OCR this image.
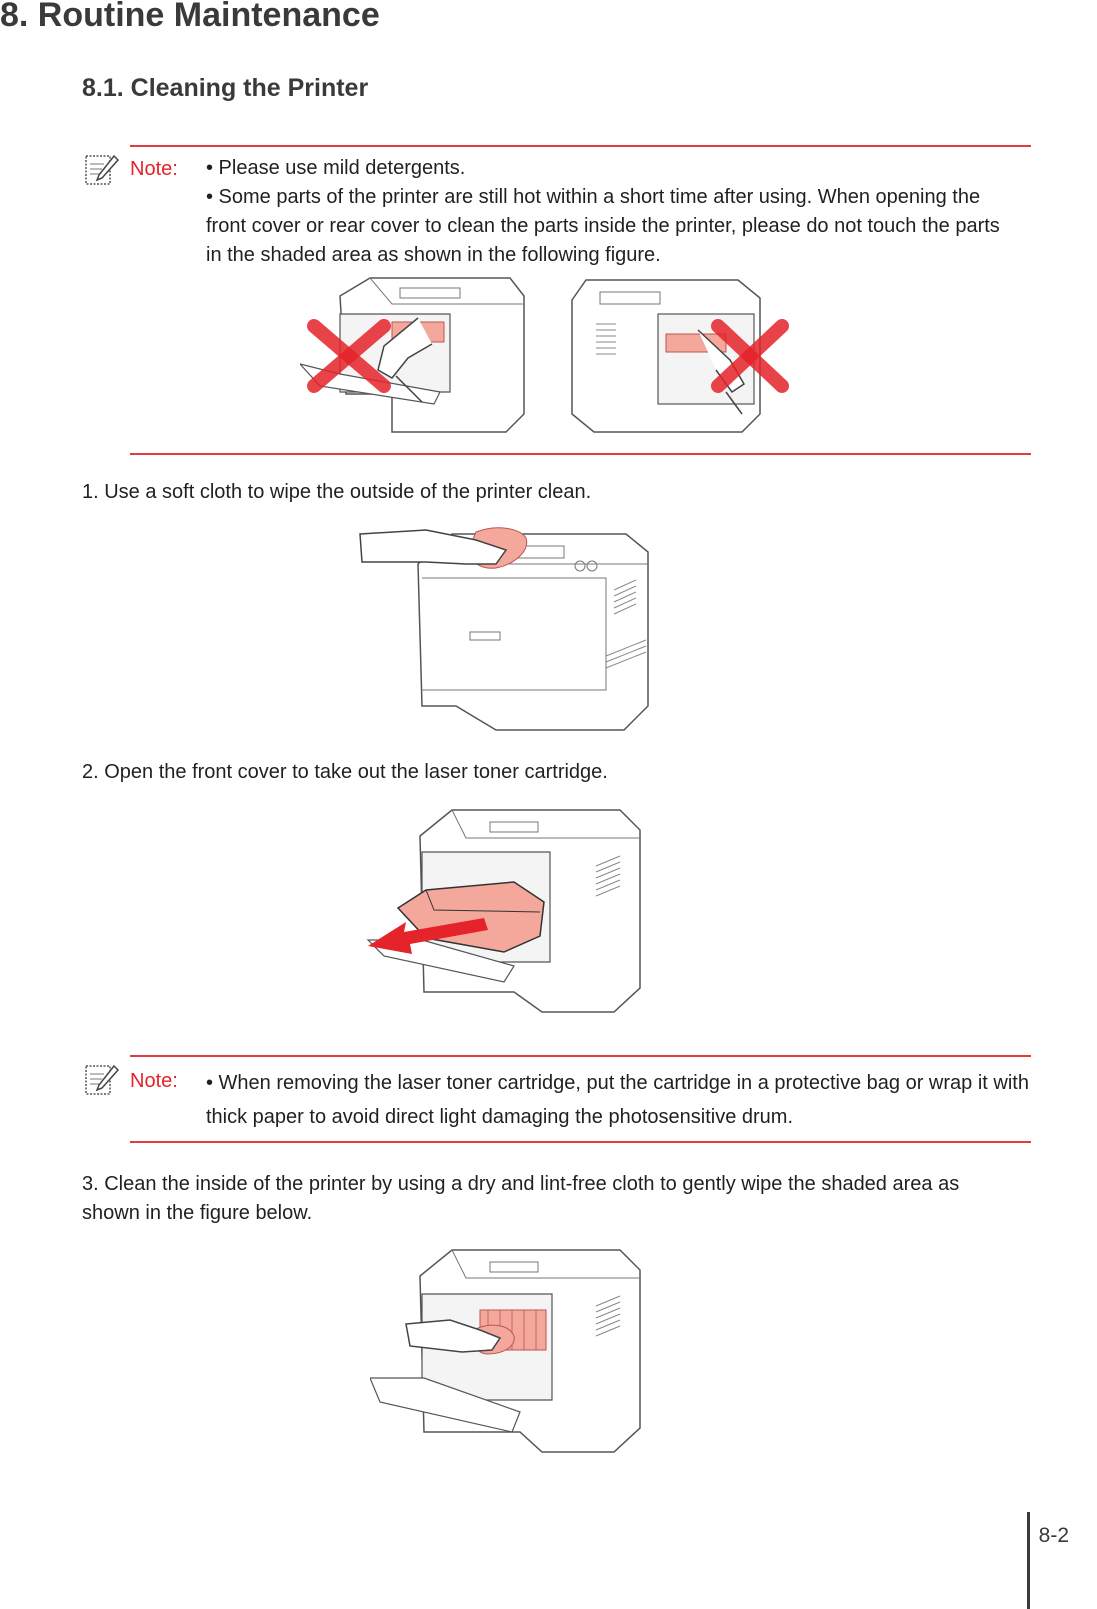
8. Routine Maintenance
8.1. Cleaning the Printer
Note: • Please use mild detergents.
• Some parts of the printer are still hot within a short time after using. When opening the front cover or rear cover to clean the parts inside the printer, please do not touch the parts in the shaded area as shown in the following figure.
1. Use a soft cloth to wipe the outside of the printer clean.
2. Open the front cover to take out the laser toner cartridge.
Note: • When removing the laser toner cartridge, put the cartridge in a protective bag or wrap it with thick paper to avoid direct light damaging the photosensitive drum.
3. Clean the inside of the printer by using a dry and lint-free cloth to gently wipe the shaded area as shown in the figure below.
8-2
